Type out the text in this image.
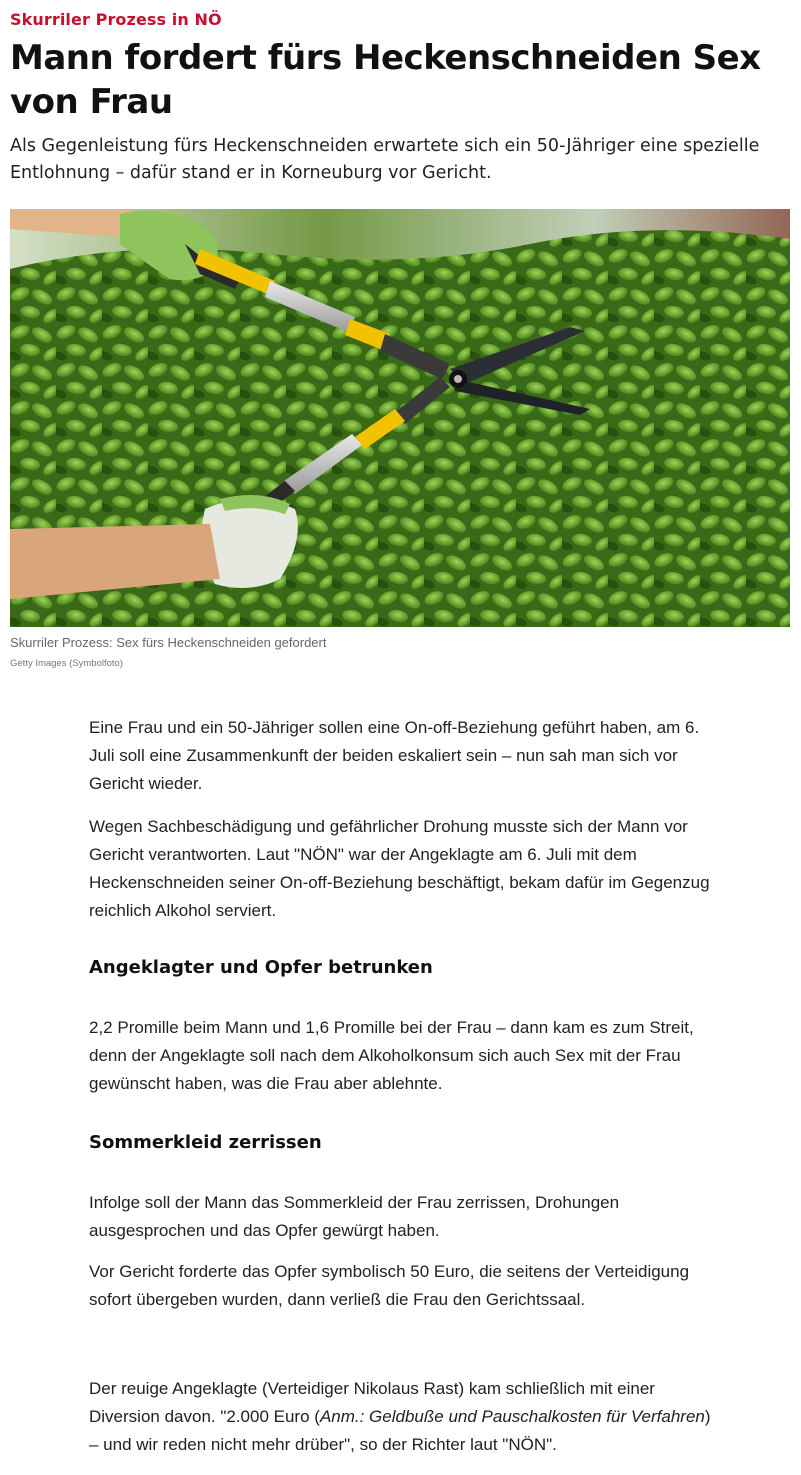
Skurriler Prozess in NÖ
Mann fordert fürs Heckenschneiden Sex von Frau

Als Gegenleistung fürs Heckenschneiden erwartete sich ein 50-Jähriger eine spezielle Entlohnung – dafür stand er in Korneuburg vor Gericht.

Skurriler Prozess: Sex fürs Heckenschneiden gefordert
Getty Images (Symbolfoto)

Eine Frau und ein 50-Jähriger sollen eine On-off-Beziehung geführt haben, am 6. Juli soll eine Zusammenkunft der beiden eskaliert sein – nun sah man sich vor Gericht wieder.

Wegen Sachbeschädigung und gefährlicher Drohung musste sich der Mann vor Gericht verantworten. Laut "NÖN" war der Angeklagte am 6. Juli mit dem Heckenschneiden seiner On-off-Beziehung beschäftigt, bekam dafür im Gegenzug reichlich Alkohol serviert.

Angeklagter und Opfer betrunken

2,2 Promille beim Mann und 1,6 Promille bei der Frau – dann kam es zum Streit, denn der Angeklagte soll nach dem Alkoholkonsum sich auch Sex mit der Frau gewünscht haben, was die Frau aber ablehnte.

Sommerkleid zerrissen

Infolge soll der Mann das Sommerkleid der Frau zerrissen, Drohungen ausgesprochen und das Opfer gewürgt haben.

Vor Gericht forderte das Opfer symbolisch 50 Euro, die seitens der Verteidigung sofort übergeben wurden, dann verließ die Frau den Gerichtssaal.

Der reuige Angeklagte (Verteidiger Nikolaus Rast) kam schließlich mit einer Diversion davon. "2.000 Euro (Anm.: Geldbuße und Pauschalkosten für Verfahren) – und wir reden nicht mehr drüber", so der Richter laut "NÖN".
